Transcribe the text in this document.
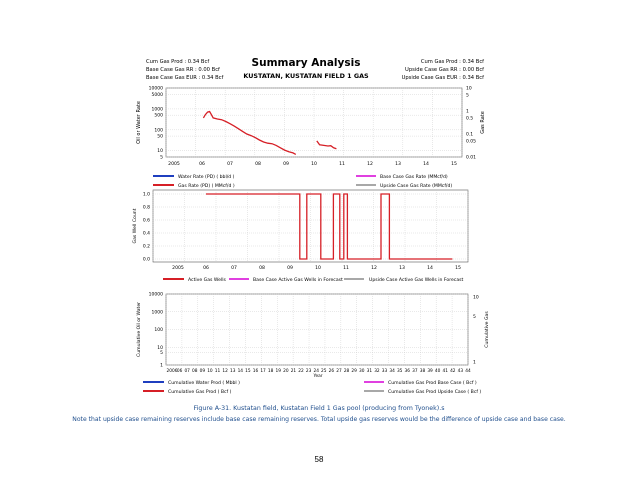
Cum Gas Prod : 0.34 Bcf
Base Case Gas RR : 0.00 Bcf
Base Case Gas EUR : 0.34 Bcf
Summary Analysis
KUSTATAN, KUSTATAN FIELD 1 GAS
Cum Gas Prod : 0.34 Bcf
Upside Case Gas RR : 0.00 Bcf
Upside Case Gas EUR : 0.34 Bcf
10000
5000
1000
500
100
50
10
5
10
5
1
0.5
0.1
0.05
0.01
2005	06	07	08	09	10	11	12	13	14	15
Oil or Water Rate	Gas Rate
Water Rate (PD) ( bbl/d )
Gas Rate (PD) ( MMcf/d )
Base Case Gas Rate (MMcf/d)
Upside Case Gas Rate (MMcf/d)
1.0
0.8
0.6
0.4
0.2
0.0
2005	06	07	08	09	10	11	12	13	14	15
Gas Well Count
Active Gas Wells	Base Case Active Gas Wells in Forecast	Upside Case Active Gas Wells in Forecast
10000
1000
100
10
5
1
10
5
1
2006 06 07 08 09 10 11 12 13 14 15 16 17 18 19 20 21 22 23 24 25 26 27 28 29 30 31 32 33 34 35 36 37 38 39 40 41 42 43 44
Year
Cumulative Oil or Water	Cumulative Gas
Cumulative Water Prod ( Mbbl )
Cumulative Gas Prod ( Bcf )
Cumulative Gas Prod Base Case ( Bcf )
Cumulative Gas Prod Upside Case ( Bcf )
Figure A-31. Kustatan field, Kustatan Field 1 Gas pool (producing from Tyonek).s
Note that upside case remaining reserves include base case remaining reserves. Total upside gas reserves would be the difference of upside case and base case.
58
